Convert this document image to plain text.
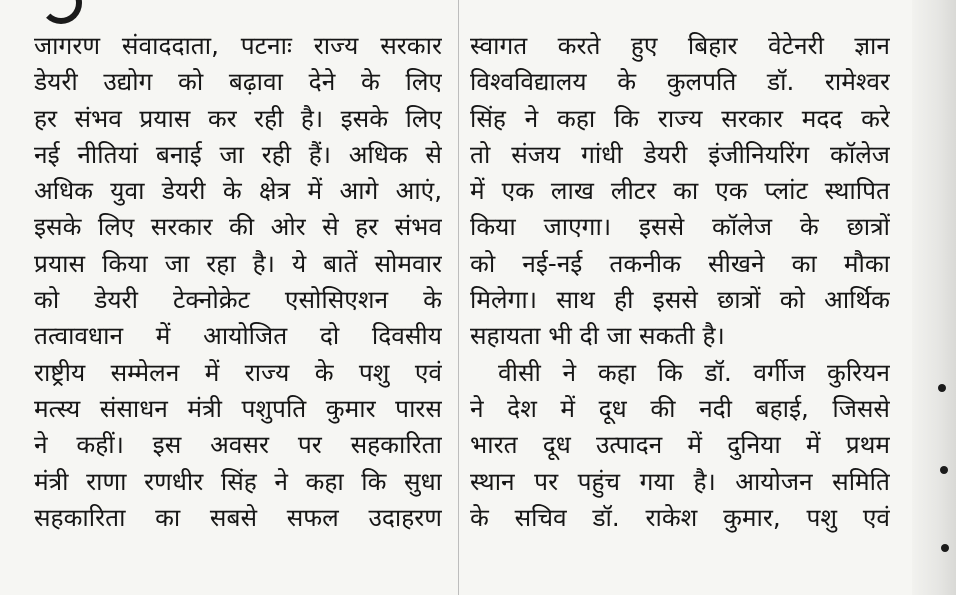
जागरण संवाददाता, पटनाः राज्य सरकार
डेयरी उद्योग को बढ़ावा देने के लिए
हर संभव प्रयास कर रही है। इसके लिए
नई नीतियां बनाई जा रही हैं। अधिक से
अधिक युवा डेयरी के क्षेत्र में आगे आएं,
इसके लिए सरकार की ओर से हर संभव
प्रयास किया जा रहा है। ये बातें सोमवार
को डेयरी टेक्नोक्रेट एसोसिएशन के
तत्वावधान में आयोजित दो दिवसीय
राष्ट्रीय सम्मेलन में राज्य के पशु एवं
मत्स्य संसाधन मंत्री पशुपति कुमार पारस
ने कहीं। इस अवसर पर सहकारिता
मंत्री राणा रणधीर सिंह ने कहा कि सुधा
सहकारिता का सबसे सफल उदाहरण
स्वागत करते हुए बिहार वेटेनरी ज्ञान
विश्वविद्यालय के कुलपति डॉ. रामेश्वर
सिंह ने कहा कि राज्य सरकार मदद करे
तो संजय गांधी डेयरी इंजीनियरिंग कॉलेज
में एक लाख लीटर का एक प्लांट स्थापित
किया जाएगा। इससे कॉलेज के छात्रों
को नई-नई तकनीक सीखने का मौका
मिलेगा। साथ ही इससे छात्रों को आर्थिक
सहायता भी दी जा सकती है।
वीसी ने कहा कि डॉ. वर्गीज कुरियन
ने देश में दूध की नदी बहाई, जिससे
भारत दूध उत्पादन में दुनिया में प्रथम
स्थान पर पहुंच गया है। आयोजन समिति
के सचिव डॉ. राकेश कुमार, पशु एवं
